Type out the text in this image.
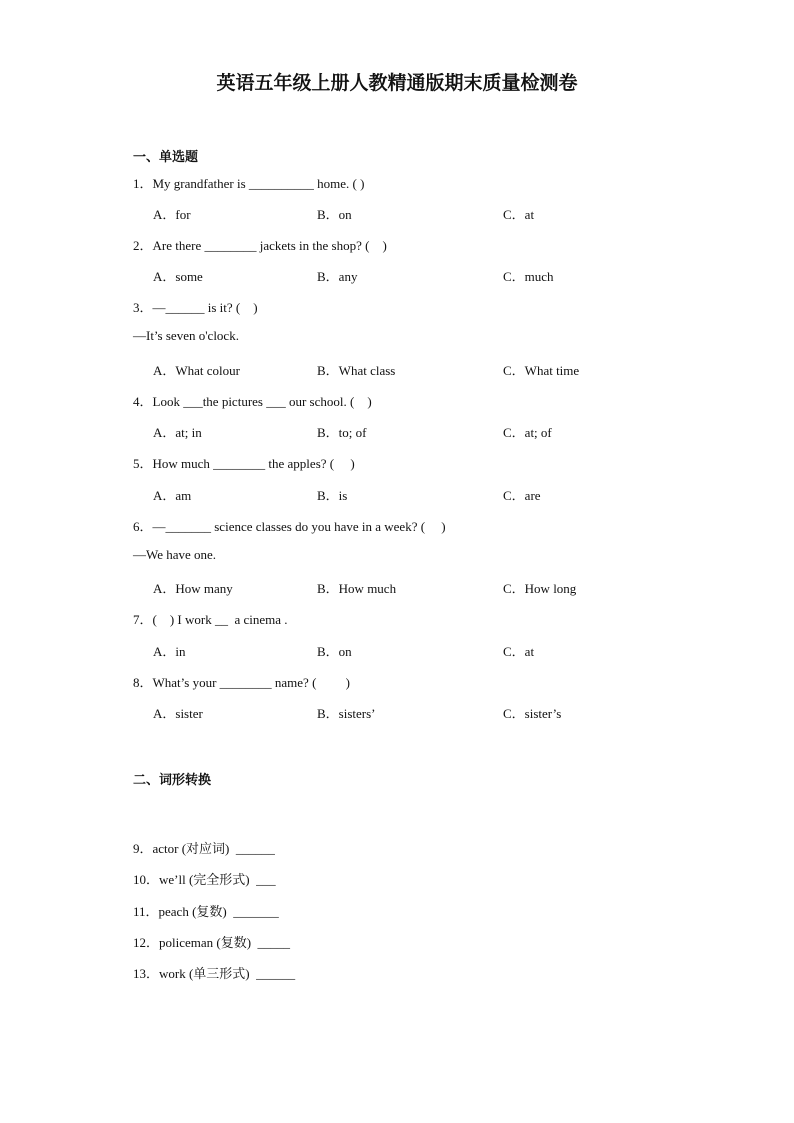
英语五年级上册人教精通版期末质量检测卷
一、单选题
1．My grandfather is __________ home. ( )
A．for	B．on	C．at
2．Are there ________ jackets in the shop? (　)
A．some	B．any	C．much
3．—______ is it? (　)
—It’s seven o'clock.
A．What colour	B．What class	C．What time
4．Look ___the pictures ___ our school. (　)
A．at; in	B．to; of	C．at; of
5．How much ________ the apples? (　 )
A．am	B．is	C．are
6．—_______ science classes do you have in a week? (　 )
—We have one.
A．How many	B．How much	C．How long
7．(　) I work __  a cinema .
A．in	B．on	C．at
8．What’s your ________ name? (　　 )
A．sister	B．sisters’	C．sister’s
二、词形转换
9．actor (对应词)  ______
10．we’ll (完全形式)  ___
11．peach (复数)  _______
12．policeman (复数)  _____
13．work (单三形式)  ______
